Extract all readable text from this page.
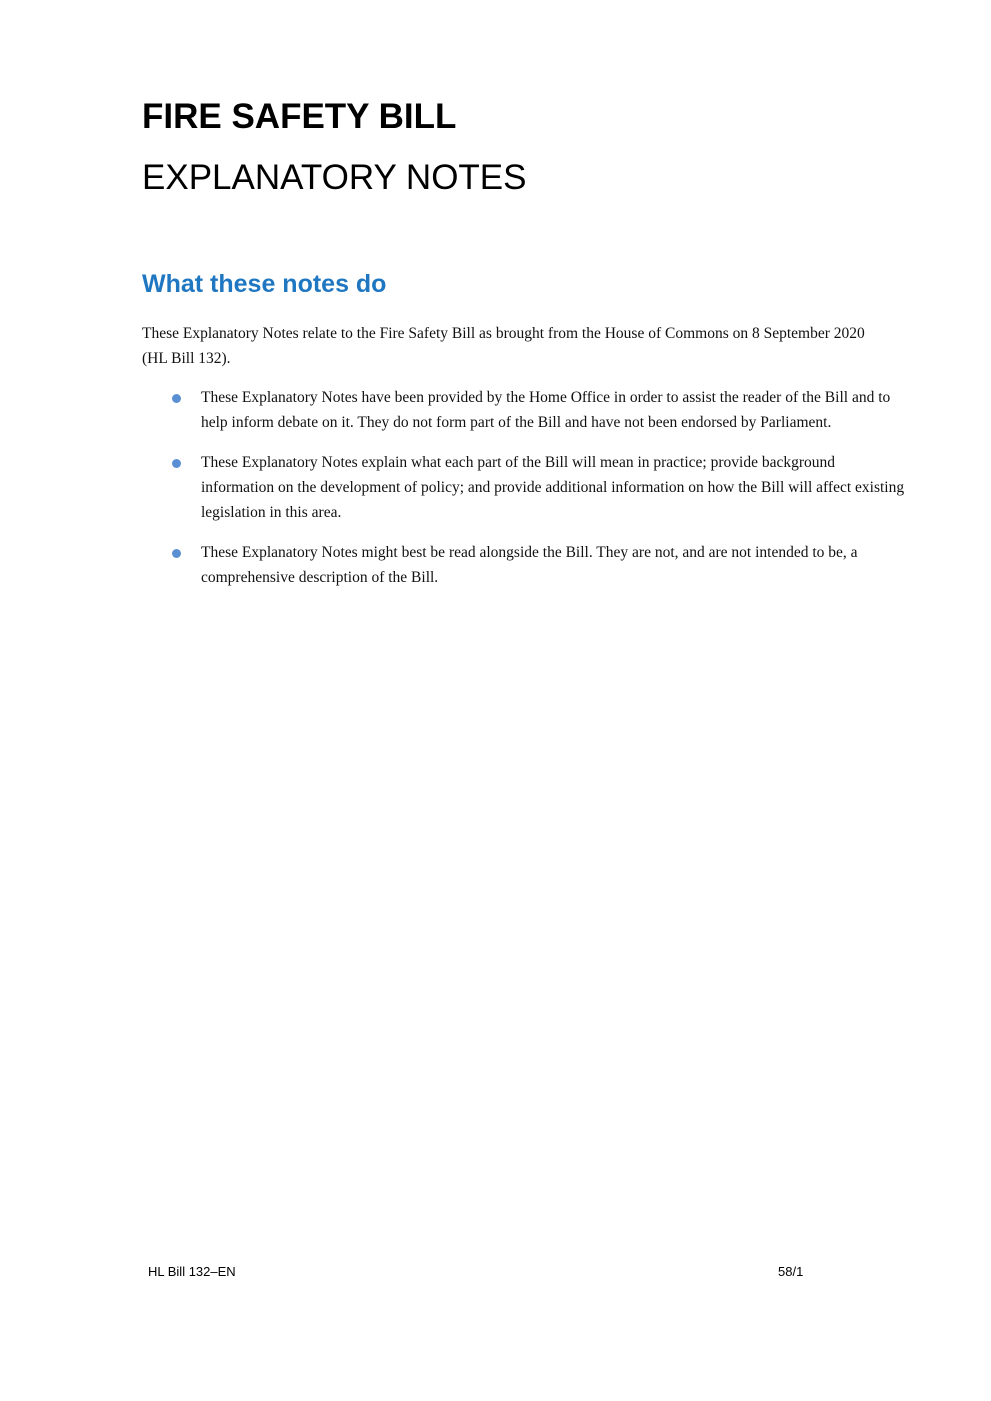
FIRE SAFETY BILL
EXPLANATORY NOTES
What these notes do

These Explanatory Notes relate to the Fire Safety Bill as brought from the House of Commons on 8 September 2020 (HL Bill 132).

These Explanatory Notes have been provided by the Home Office in order to assist the reader of the Bill and to help inform debate on it. They do not form part of the Bill and have not been endorsed by Parliament.
These Explanatory Notes explain what each part of the Bill will mean in practice; provide background information on the development of policy; and provide additional information on how the Bill will affect existing legislation in this area.
These Explanatory Notes might best be read alongside the Bill. They are not, and are not intended to be, a comprehensive description of the Bill.
HL Bill 132–EN	58/1
